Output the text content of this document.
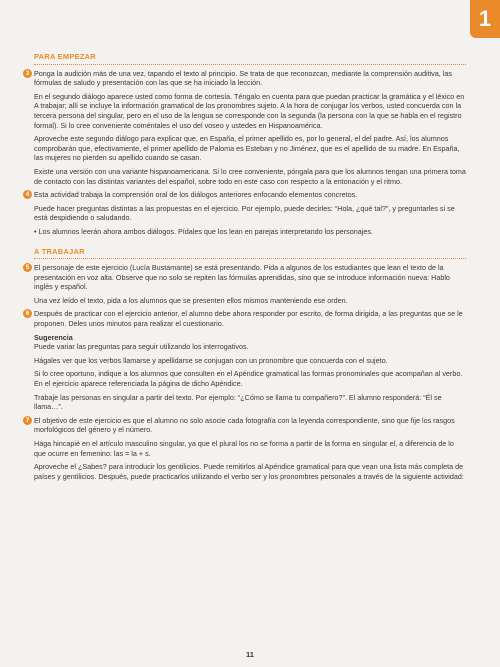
1
PARA EMPEZAR
3 Ponga la audición más de una vez, tapando el texto al principio. Se trata de que reconozcan, mediante la comprensión auditiva, las fórmulas de saludo y presentación con las que se ha iniciado la lección.

En el segundo diálogo aparece usted como forma de cortesía. Téngalo en cuenta para que puedan practicar la gramática y el léxico en A trabajar; allí se incluye la información gramatical de los pronombres sujeto. A la hora de conjugar los verbos, usted concuerda con la tercera persona del singular, pero en el uso de la lengua se corresponde con la segunda (la persona con la que se habla en el registro formal). Si lo cree conveniente coméntales el uso del voseo y ustedes en Hispanoamérica.

Aproveche este segundo diálogo para explicar que, en España, el primer apellido es, por lo general, el del padre. Así, los alumnos comprobarán que, efectivamente, el primer apellido de Paloma es Esteban y no Jiménez, que es el apellido de su madre. En España, las mujeres no pierden su apellido cuando se casan.

Existe una versión con una variante hispanoamericana. Si lo cree conveniente, póngala para que los alumnos tengan una primera toma de contacto con las distintas variantes del español, sobre todo en este caso con respecto a la entonación y el ritmo.

4 Esta actividad trabaja la comprensión oral de los diálogos anteriores enfocando elementos concretos.

Puede hacer preguntas distintas a las propuestas en el ejercicio. Por ejemplo, puede decirles: “Hola, ¿qué tal?”, y preguntarles si se está despidiendo o saludando.

• Los alumnos leerán ahora ambos diálogos. Pídales que los lean en parejas interpretando los personajes.

A TRABAJAR
5 El personaje de este ejercicio (Lucía Bustamante) se está presentando. Pida a algunos de los estudiantes que lean el texto de la presentación en voz alta. Observe que no solo se repiten las fórmulas aprendidas, sino que se introduce información nueva: Hablo inglés y español.

Una vez leído el texto, pida a los alumnos que se presenten ellos mismos manteniendo ese orden.

6 Después de practicar con el ejercicio anterior, el alumno debe ahora responder por escrito, de forma dirigida, a las preguntas que se le proponen. Deles unos minutos para realizar el cuestionario.

Sugerencia

Puede variar las preguntas para seguir utilizando los interrogativos.

Hágales ver que los verbos llamarse y apellidarse se conjugan con un pronombre que concuerda con el sujeto.

Si lo cree oportuno, indique a los alumnos que consulten en el Apéndice gramatical las formas pronominales que acompañan al verbo. En el ejercicio aparece referenciada la página de dicho Apéndice.

Trabaje las personas en singular a partir del texto. Por ejemplo: “¿Cómo se llama tu compañero?”. El alumno responderá: “Él se llama…”.

7 El objetivo de este ejercicio es que el alumno no solo asocie cada fotografía con la leyenda correspondiente, sino que fije los rasgos morfológicos del género y el número.

Haga hincapié en el artículo masculino singular, ya que el plural los no se forma a partir de la forma en singular el, a diferencia de lo que ocurre en femenino: las = la + s.

Aproveche el ¿Sabes? para introducir los gentilicios. Puede remitirlos al Apéndice gramatical para que vean una lista más completa de países y gentilicios. Después, puede practicarlos utilizando el verbo ser y los pronombres personales a través de la siguiente actividad:

11
